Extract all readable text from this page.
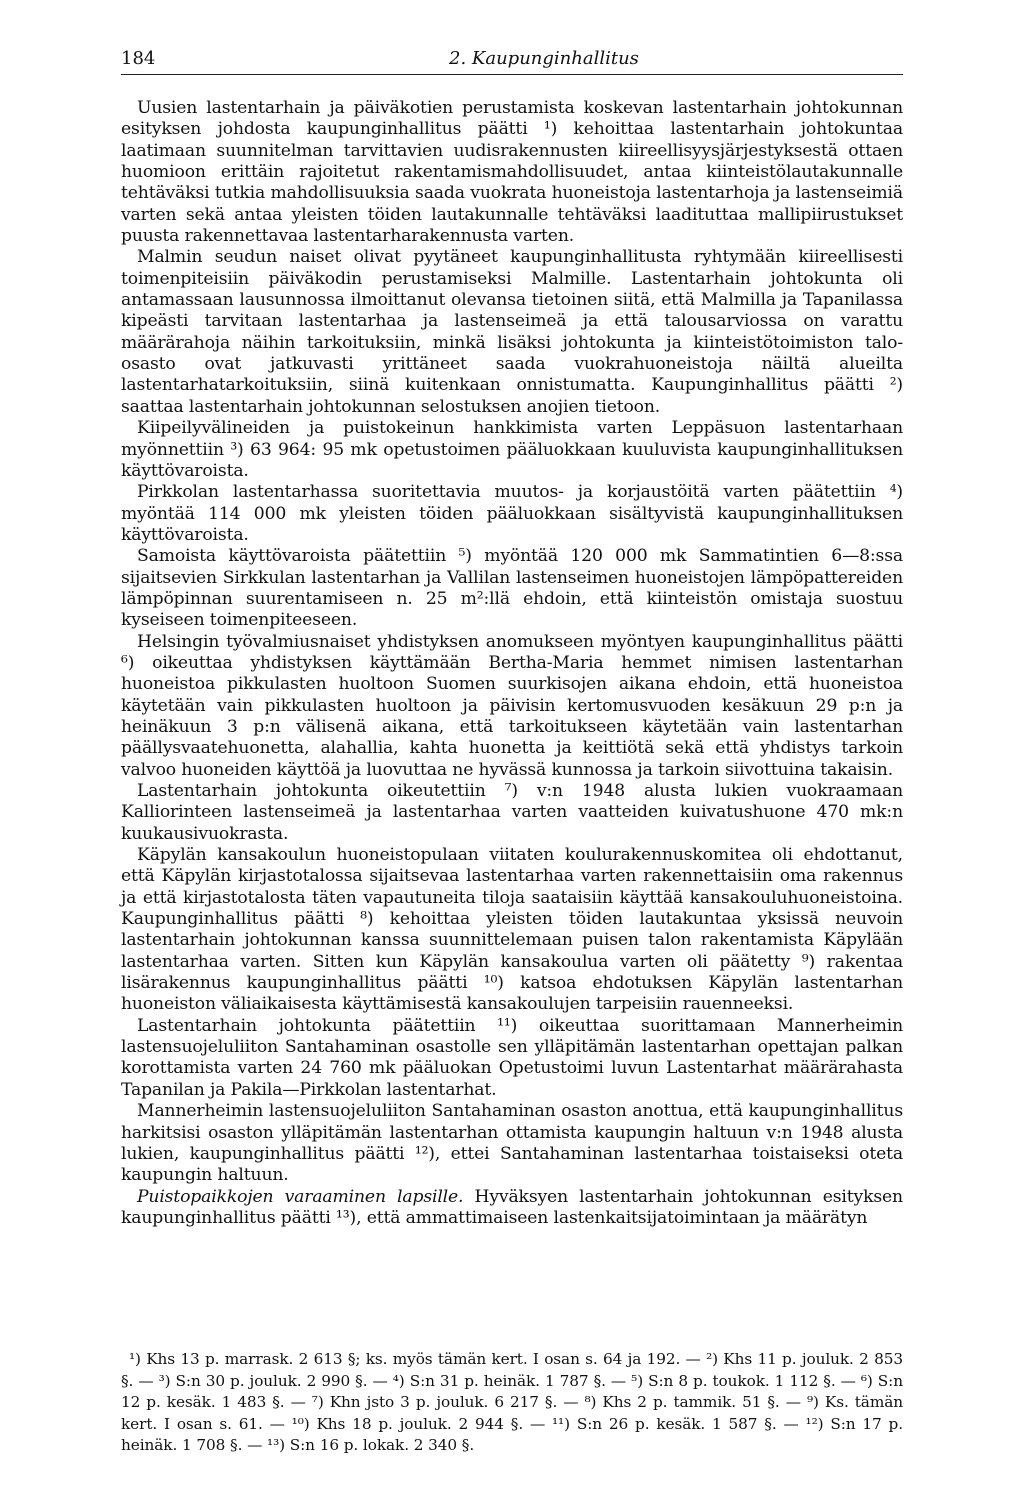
184	2. Kaupunginhallitus

Uusien lastentarhain ja päiväkotien perustamista koskevan lastentarhain johtokunnan esityksen johdosta kaupunginhallitus päätti ¹) kehoittaa lastentarhain johtokuntaa laatimaan suunnitelman tarvittavien uudisrakennusten kiireellisyysjärjestyksestä ottaen huomioon erittäin rajoitetut rakentamismahdollisuudet, antaa kiinteistölautakunnalle tehtäväksi tutkia mahdollisuuksia saada vuokrata huoneistoja lastentarhoja ja lastenseimiä varten sekä antaa yleisten töiden lautakunnalle tehtäväksi laadituttaa mallipiirustukset puusta rakennettavaa lastentarharakennusta varten.

Malmin seudun naiset olivat pyytäneet kaupunginhallitusta ryhtymään kiireellisesti toimenpiteisiin päiväkodin perustamiseksi Malmille. Lastentarhain johtokunta oli antamassaan lausunnossa ilmoittanut olevansa tietoinen siitä, että Malmilla ja Tapanilassa kipeästi tarvitaan lastentarhaa ja lastenseimeä ja että talousarviossa on varattu määrärahoja näihin tarkoituksiin, minkä lisäksi johtokunta ja kiinteistötoimiston talo-osasto ovat jatkuvasti yrittäneet saada vuokrahuoneistoja näiltä alueilta lastentarhatarkoituksiin, siinä kuitenkaan onnistumatta. Kaupunginhallitus päätti ²) saattaa lastentarhain johtokunnan selostuksen anojien tietoon.

Kiipeilyvälineiden ja puistokeinun hankkimista varten Leppäsuon lastentarhaan myönnettiin ³) 63 964: 95 mk opetustoimen pääluokkaan kuuluvista kaupunginhallituksen käyttövaroista.

Pirkkolan lastentarhassa suoritettavia muutos- ja korjaustöitä varten päätettiin ⁴) myöntää 114 000 mk yleisten töiden pääluokkaan sisältyvistä kaupunginhallituksen käyttövaroista.

Samoista käyttövaroista päätettiin ⁵) myöntää 120 000 mk Sammatintien 6—8:ssa sijaitsevien Sirkkulan lastentarhan ja Vallilan lastenseimen huoneistojen lämpöpattereiden lämpöpinnan suurentamiseen n. 25 m²:llä ehdoin, että kiinteistön omistaja suostuu kyseiseen toimenpiteeseen.

Helsingin työvalmiusnaiset yhdistyksen anomukseen myöntyen kaupunginhallitus päätti ⁶) oikeuttaa yhdistyksen käyttämään Bertha-Maria hemmet nimisen lastentarhan huoneistoa pikkulasten huoltoon Suomen suurkisojen aikana ehdoin, että huoneistoa käytetään vain pikkulasten huoltoon ja päivisin kertomusvuoden kesäkuun 29 p:n ja heinäkuun 3 p:n välisenä aikana, että tarkoitukseen käytetään vain lastentarhan päällysvaatehuonetta, alahallia, kahta huonetta ja keittiötä sekä että yhdistys tarkoin valvoo huoneiden käyttöä ja luovuttaa ne hyvässä kunnossa ja tarkoin siivottuina takaisin.

Lastentarhain johtokunta oikeutettiin ⁷) v:n 1948 alusta lukien vuokraamaan Kalliorinteen lastenseimeä ja lastentarhaa varten vaatteiden kuivatushuone 470 mk:n kuukausivuokrasta.

Käpylän kansakoulun huoneistopulaan viitaten koulurakennuskomitea oli ehdottanut, että Käpylän kirjastotalossa sijaitsevaa lastentarhaa varten rakennettaisiin oma rakennus ja että kirjastotalosta täten vapautuneita tiloja saataisiin käyttää kansakouluhuoneistoina. Kaupunginhallitus päätti ⁸) kehoittaa yleisten töiden lautakuntaa yksissä neuvoin lastentarhain johtokunnan kanssa suunnittelemaan puisen talon rakentamista Käpylään lastentarhaa varten. Sitten kun Käpylän kansakoulua varten oli päätetty ⁹) rakentaa lisärakennus kaupunginhallitus päätti ¹⁰) katsoa ehdotuksen Käpylän lastentarhan huoneiston väliaikaisesta käyttämisestä kansakoulujen tarpeisiin rauenneeksi.

Lastentarhain johtokunta päätettiin ¹¹) oikeuttaa suorittamaan Mannerheimin lastensuojeluliiton Santahaminan osastolle sen ylläpitämän lastentarhan opettajan palkan korottamista varten 24 760 mk pääluokan Opetustoimi luvun Lastentarhat määrärahasta Tapanilan ja Pakila—Pirkkolan lastentarhat.

Mannerheimin lastensuojeluliiton Santahaminan osaston anottua, että kaupunginhallitus harkitsisi osaston ylläpitämän lastentarhan ottamista kaupungin haltuun v:n 1948 alusta lukien, kaupunginhallitus päätti ¹²), ettei Santahaminan lastentarhaa toistaiseksi oteta kaupungin haltuun.

Puistopaikkojen varaaminen lapsille. Hyväksyen lastentarhain johtokunnan esityksen kaupunginhallitus päätti ¹³), että ammattimaiseen lastenkaitsijatoimintaan ja määrätyn

¹) Khs 13 p. marrask. 2 613 §; ks. myös tämän kert. I osan s. 64 ja 192. — ²) Khs 11 p. jouluk. 2 853 §. — ³) S:n 30 p. jouluk. 2 990 §. — ⁴) S:n 31 p. heinäk. 1 787 §. — ⁵) S:n 8 p. toukok. 1 112 §. — ⁶) S:n 12 p. kesäk. 1 483 §. — ⁷) Khn jsto 3 p. jouluk. 6 217 §. — ⁸) Khs 2 p. tammik. 51 §. — ⁹) Ks. tämän kert. I osan s. 61. — ¹⁰) Khs 18 p. jouluk. 2 944 §. — ¹¹) S:n 26 p. kesäk. 1 587 §. — ¹²) S:n 17 p. heinäk. 1 708 §. — ¹³) S:n 16 p. lokak. 2 340 §.
